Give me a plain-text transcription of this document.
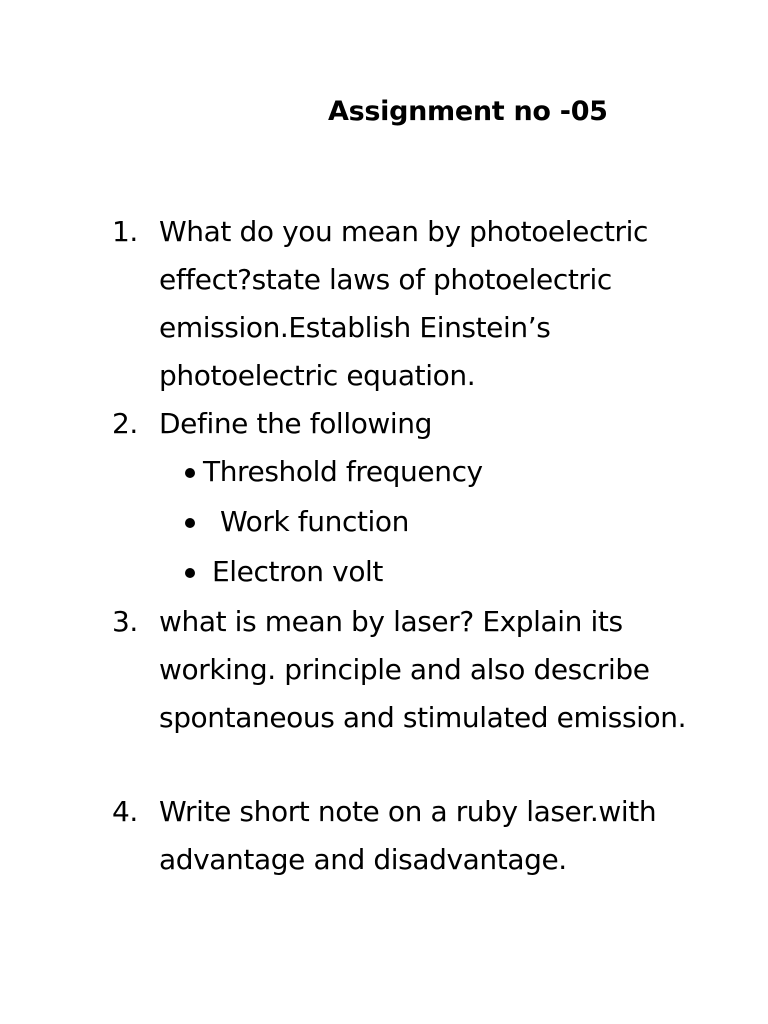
Assignment no -05
1. What do you mean by photoelectric effect?state laws of photoelectric emission.Establish Einstein’s photoelectric equation.
2. Define the following
Threshold frequency
Work function
Electron volt
3. what is mean by laser? Explain its working. principle and also describe spontaneous and stimulated emission.
4. Write short note on a ruby laser.with advantage and disadvantage.
